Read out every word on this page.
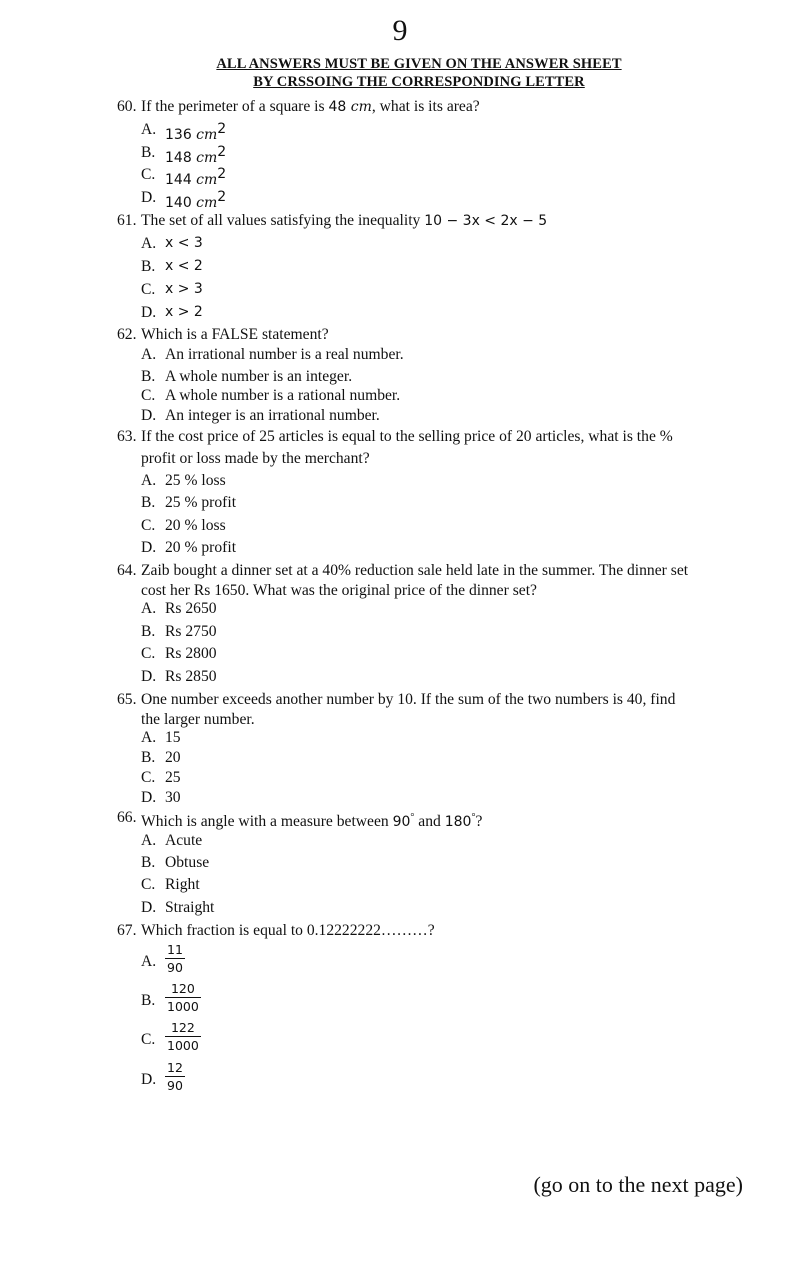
9
ALL ANSWERS MUST BE GIVEN ON THE ANSWER SHEET
BY CRSSOING THE CORRESPONDING LETTER
60. If the perimeter of a square is 48 cm, what is its area?
A. 136 $cm^2$
B. 148 $cm^2$
C. 144 $cm^2$
D. 140 $cm^2$
61. The set of all values satisfying the inequality 10 − 3x < 2x − 5
A. x < 3
B. x < 2
C. x > 3
D. x > 2
62. Which is a FALSE statement?
A. An irrational number is a real number.
B. A whole number is an integer.
C. A whole number is a rational number.
D. An integer is an irrational number.
63. If the cost price of 25 articles is equal to the selling price of 20 articles, what is the %
profit or loss made by the merchant?
A. 25 % loss
B. 25 % profit
C. 20 % loss
D. 20 % profit
64. Zaib bought a dinner set at a 40% reduction sale held late in the summer. The dinner set
cost her Rs 1650. What was the original price of the dinner set?
A. Rs 2650
B. Rs 2750
C. Rs 2800
D. Rs 2850
65. One number exceeds another number by 10. If the sum of the two numbers is 40, find
the larger number.
A. 15
B. 20
C. 25
D. 30
66. Which is angle with a measure between 90° and 180°?
A. Acute
B. Obtuse
C. Right
D. Straight
67. Which fraction is equal to 0.12222222………?
A. $\frac{11}{90}$
B. $\frac{120}{1000}$
C. $\frac{122}{1000}$
D. $\frac{12}{90}$
(go on to the next page)
